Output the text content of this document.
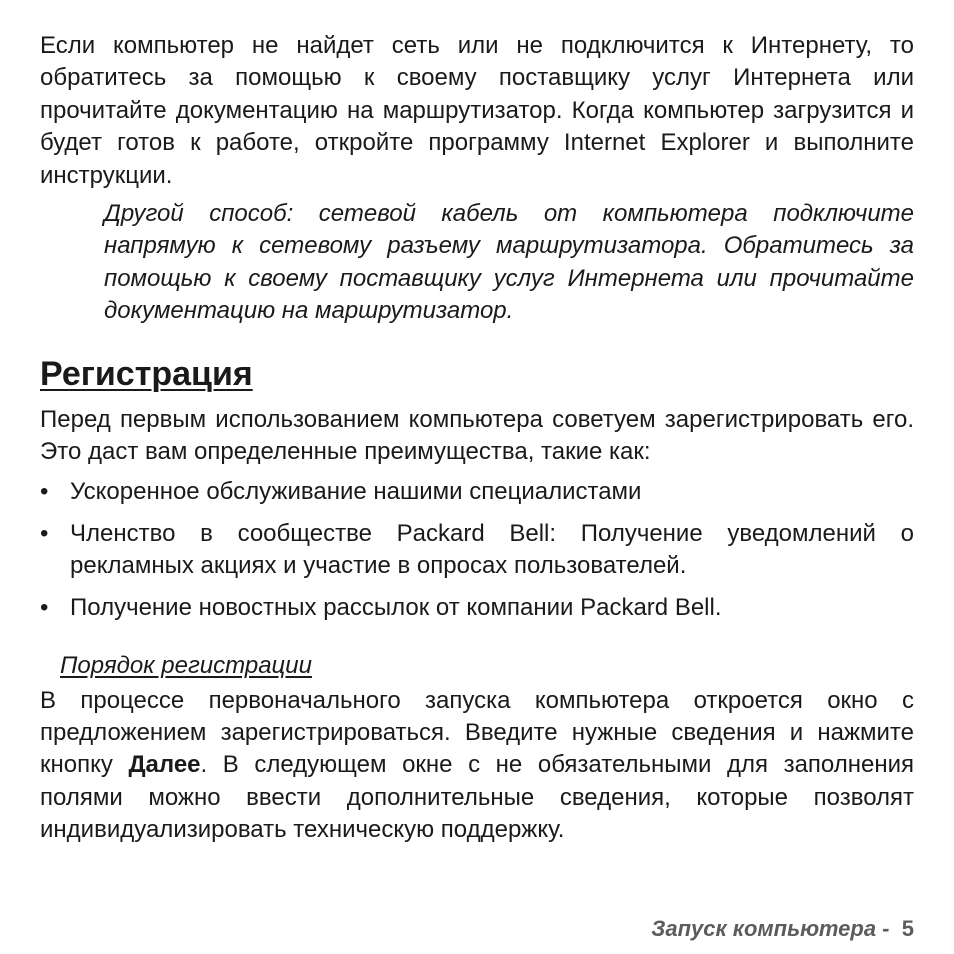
Если компьютер не найдет сеть или не подключится к Интернету, то обратитесь за помощью к своему поставщику услуг Интернета или прочитайте документацию на маршрутизатор. Когда компьютер загрузится и будет готов к работе, откройте программу Internet Explorer и выполните инструкции.

Другой способ: сетевой кабель от компьютера подключите напрямую к сетевому разъему маршрутизатора. Обратитесь за помощью к своему поставщику услуг Интернета или прочитайте документацию на маршрутизатор.

Регистрация

Перед первым использованием компьютера советуем зарегистрировать его. Это даст вам определенные преимущества, такие как:

• Ускоренное обслуживание нашими специалистами
• Членство в сообществе Packard Bell: Получение уведомлений о рекламных акциях и участие в опросах пользователей.
• Получение новостных рассылок от компании Packard Bell.

Порядок регистрации

В процессе первоначального запуска компьютера откроется окно с предложением зарегистрироваться. Введите нужные сведения и нажмите кнопку Далее. В следующем окне с не обязательными для заполнения полями можно ввести дополнительные сведения, которые позволят индивидуализировать техническую поддержку.

Запуск компьютера - 5
